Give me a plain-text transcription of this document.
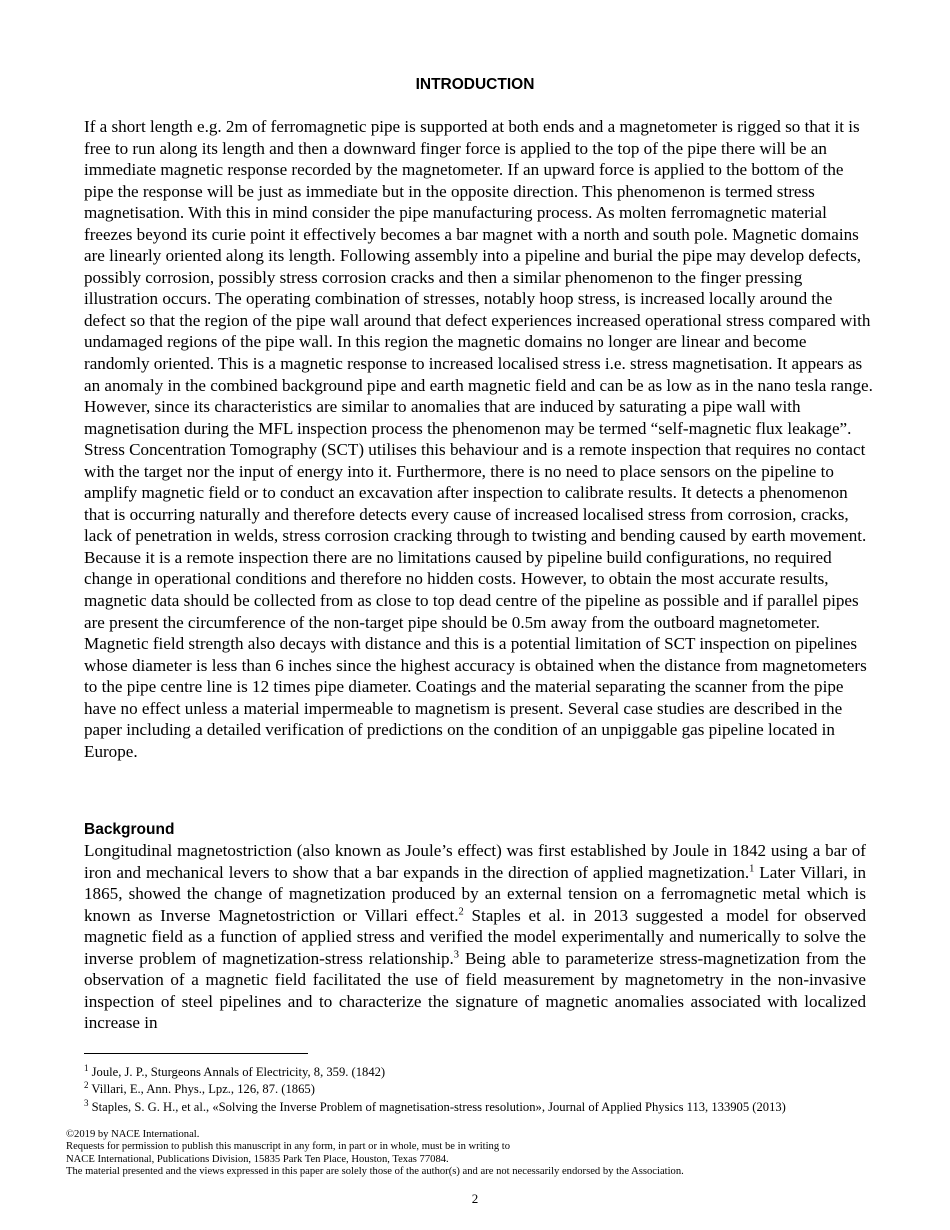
INTRODUCTION

If a short length e.g. 2m of ferromagnetic pipe is supported at both ends and a magnetometer is rigged so that it is free to run along its length and then a downward finger force is applied to the top of the pipe there will be an immediate magnetic response recorded by the magnetometer. If an upward force is applied to the bottom of the pipe the response will be just as immediate but in the opposite direction. This phenomenon is termed stress magnetisation. With this in mind consider the pipe manufacturing process. As molten ferromagnetic material freezes beyond its curie point it effectively becomes a bar magnet with a north and south pole. Magnetic domains are linearly oriented along its length. Following assembly into a pipeline and burial the pipe may develop defects, possibly corrosion, possibly stress corrosion cracks and then a similar phenomenon to the finger pressing illustration occurs. The operating combination of stresses, notably hoop stress, is increased locally around the defect so that the region of the pipe wall around that defect experiences increased operational stress compared with undamaged regions of the pipe wall. In this region the magnetic domains no longer are linear and become randomly oriented. This is a magnetic response to increased localised stress i.e. stress magnetisation. It appears as an anomaly in the combined background pipe and earth magnetic field and can be as low as in the nano tesla range. However, since its characteristics are similar to anomalies that are induced by saturating a pipe wall with magnetisation during the MFL inspection process the phenomenon may be termed “self-magnetic flux leakage”. Stress Concentration Tomography (SCT) utilises this behaviour and is a remote inspection that requires no contact with the target nor the input of energy into it. Furthermore, there is no need to place sensors on the pipeline to amplify magnetic field or to conduct an excavation after inspection to calibrate results. It detects a phenomenon that is occurring naturally and therefore detects every cause of increased localised stress from corrosion, cracks, lack of penetration in welds, stress corrosion cracking through to twisting and bending caused by earth movement. Because it is a remote inspection there are no limitations caused by pipeline build configurations, no required change in operational conditions and therefore no hidden costs. However, to obtain the most accurate results, magnetic data should be collected from as close to top dead centre of the pipeline as possible and if parallel pipes are present the circumference of the non-target pipe should be 0.5m away from the outboard magnetometer. Magnetic field strength also decays with distance and this is a potential limitation of SCT inspection on pipelines whose diameter is less than 6 inches since the highest accuracy is obtained when the distance from magnetometers to the pipe centre line is 12 times pipe diameter. Coatings and the material separating the scanner from the pipe have no effect unless a material impermeable to magnetism is present. Several case studies are described in the paper including a detailed verification of predictions on the condition of an unpiggable gas pipeline located in Europe.

Background

Longitudinal magnetostriction (also known as Joule’s effect) was first established by Joule in 1842 using a bar of iron and mechanical levers to show that a bar expands in the direction of applied magnetization.$^1$ Later Villari, in 1865, showed the change of magnetization produced by an external tension on a ferromagnetic metal which is known as Inverse Magnetostriction or Villari effect.$^2$ Staples et al. in 2013 suggested a model for observed magnetic field as a function of applied stress and verified the model experimentally and numerically to solve the inverse problem of magnetization-stress relationship.$^3$ Being able to parameterize stress-magnetization from the observation of a magnetic field facilitated the use of field measurement by magnetometry in the non-invasive inspection of steel pipelines and to characterize the signature of magnetic anomalies associated with localized increase in

$^1$ Joule, J. P., Sturgeons Annals of Electricity, 8, 359. (1842)

$^2$ Villari, E., Ann. Phys., Lpz., 126, 87. (1865)

$^3$ Staples, S. G. H., et al., «Solving the Inverse Problem of magnetisation-stress resolution», Journal of Applied Physics 113, 133905 (2013)

©2019 by NACE International.

Requests for permission to publish this manuscript in any form, in part or in whole, must be in writing to

NACE International, Publications Division, 15835 Park Ten Place, Houston, Texas 77084.

The material presented and the views expressed in this paper are solely those of the author(s) and are not necessarily endorsed by the Association.

2
